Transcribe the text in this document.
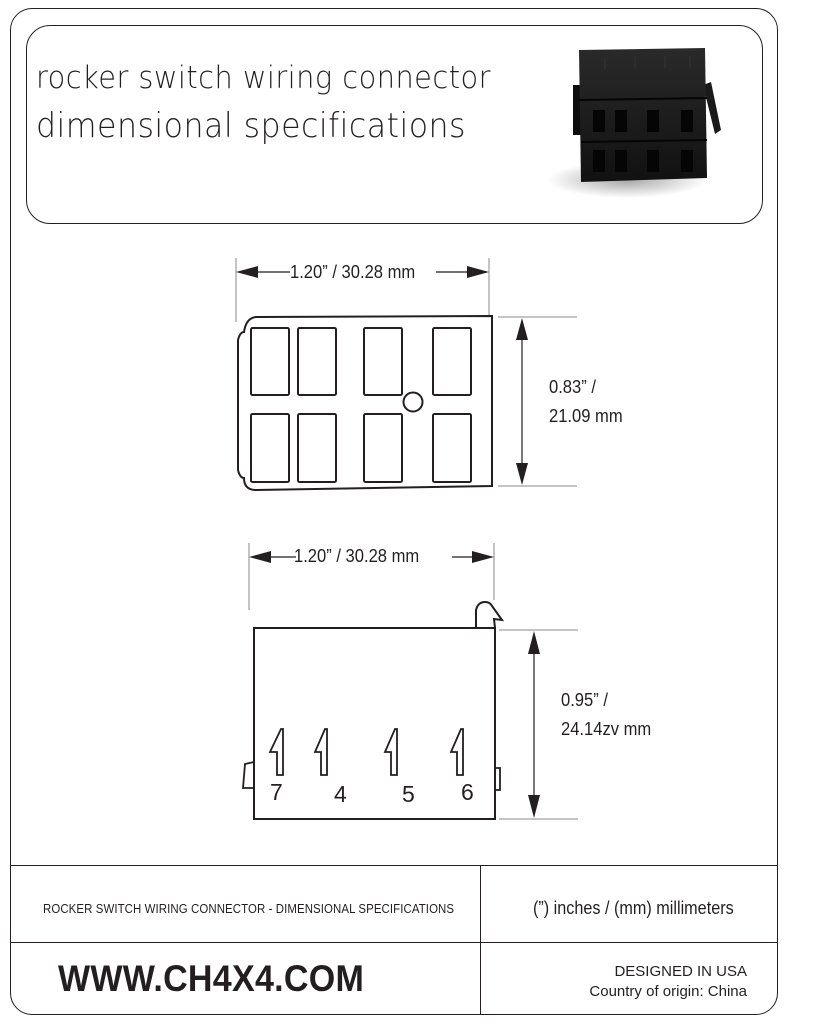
rocker switch wiring connector
dimensional specifications
1.20” / 30.28 mm
0.83” /
21.09 mm
1.20” / 30.28 mm
0.95” /
24.14zv mm
7 4 5 6
ROCKER SWITCH WIRING CONNECTOR - DIMENSIONAL SPECIFICATIONS	(”) inches / (mm) millimeters
WWW.CH4X4.COM	DESIGNED IN USA
Country of origin: China
